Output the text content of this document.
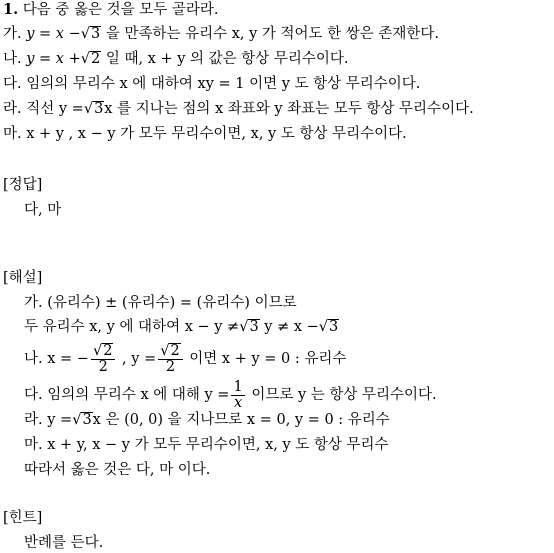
1. 다음 중 옳은 것을 모두 골라라.
가. y = x −√3 을 만족하는 유리수 x, y 가 적어도 한 쌍은 존재한다.
나. y = x +√2 일 때, x + y 의 값은 항상 무리수이다.
다. 임의의 무리수 x 에 대하여 xy = 1 이면 y 도 항상 무리수이다.
라. 직선 y =√3x 를 지나는 점의 x 좌표와 y 좌표는 모두 항상 무리수이다.
마. x + y , x − y 가 모두 무리수이면, x, y 도 항상 무리수이다.
[정답]
다, 마
[해설]
가. (유리수) ± (유리수) = (유리수) 이므로
두 유리수 x, y 에 대하여 x − y ≠√3 y ≠ x −√3
나. x = − $\frac{√2}{2}$ , $y = \frac{√2}{2}$ 이면 x + y = 0 : 유리수
다. 임의의 무리수 x 에 대해 $y = \frac{1}{x}$ 이므로 y 는 항상 무리수이다.
라. y =√3x 은 (0, 0) 을 지나므로 x = 0, y = 0 : 유리수
마. x + y, x − y 가 모두 무리수이면, x, y 도 항상 무리수
따라서 옳은 것은 다, 마 이다.
[힌트]
반례를 든다.
